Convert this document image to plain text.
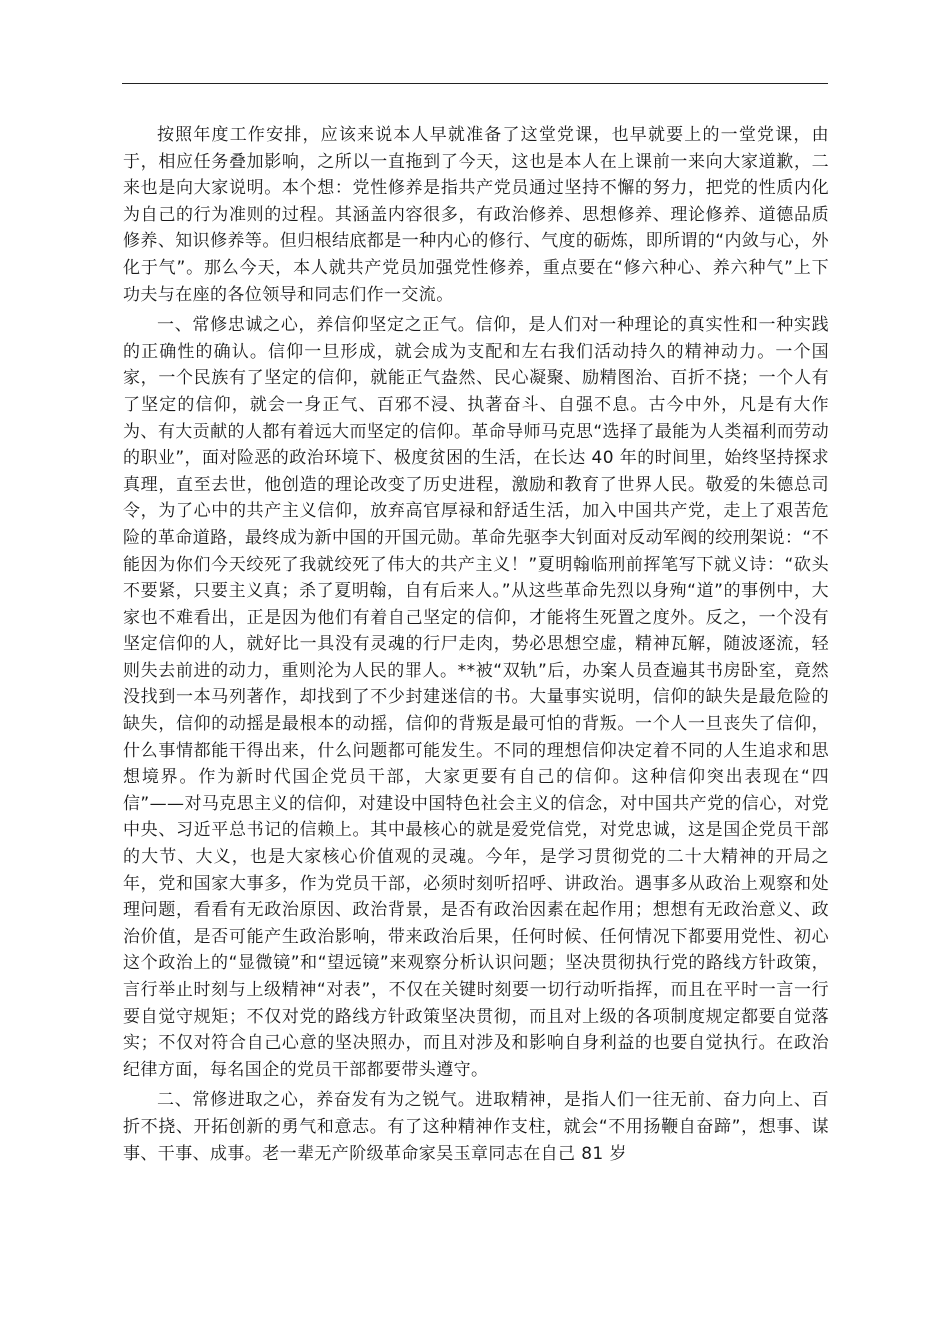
按照年度工作安排，应该来说本人早就准备了这堂党课，也早就要上的一堂党课，由于，相应任务叠加影响，之所以一直拖到了今天，这也是本人在上课前一来向大家道歉，二来也是向大家说明。本个想：党性修养是指共产党员通过坚持不懈的努力，把党的性质内化为自己的行为准则的过程。其涵盖内容很多，有政治修养、思想修养、理论修养、道德品质修养、知识修养等。但归根结底都是一种内心的修行、气度的砺炼，即所谓的“内敛与心，外化于气”。那么今天，本人就共产党员加强党性修养，重点要在“修六种心、养六种气”上下功夫与在座的各位领导和同志们作一交流。

一、常修忠诚之心，养信仰坚定之正气。信仰，是人们对一种理论的真实性和一种实践的正确性的确认。信仰一旦形成，就会成为支配和左右我们活动持久的精神动力。一个国家，一个民族有了坚定的信仰，就能正气盎然、民心凝聚、励精图治、百折不挠；一个人有了坚定的信仰，就会一身正气、百邪不浸、执著奋斗、自强不息。古今中外，凡是有大作为、有大贡献的人都有着远大而坚定的信仰。革命导师马克思“选择了最能为人类福利而劳动的职业”，面对险恶的政治环境下、极度贫困的生活，在长达 40 年的时间里，始终坚持探求真理，直至去世，他创造的理论改变了历史进程，激励和教育了世界人民。敬爱的朱德总司令，为了心中的共产主义信仰，放弃高官厚禄和舒适生活，加入中国共产党，走上了艰苦危险的革命道路，最终成为新中国的开国元勋。革命先驱李大钊面对反动军阀的绞刑架说：“不能因为你们今天绞死了我就绞死了伟大的共产主义！”夏明翰临刑前挥笔写下就义诗：“砍头不要紧，只要主义真；杀了夏明翰，自有后来人。”从这些革命先烈以身殉“道”的事例中，大家也不难看出，正是因为他们有着自己坚定的信仰，才能将生死置之度外。反之，一个没有坚定信仰的人，就好比一具没有灵魂的行尸走肉，势必思想空虚，精神瓦解，随波逐流，轻则失去前进的动力，重则沦为人民的罪人。**被“双轨”后，办案人员查遍其书房卧室，竟然没找到一本马列著作，却找到了不少封建迷信的书。大量事实说明，信仰的缺失是最危险的缺失，信仰的动摇是最根本的动摇，信仰的背叛是最可怕的背叛。一个人一旦丧失了信仰，什么事情都能干得出来，什么问题都可能发生。不同的理想信仰决定着不同的人生追求和思想境界。作为新时代国企党员干部，大家更要有自己的信仰。这种信仰突出表现在“四信”——对马克思主义的信仰，对建设中国特色社会主义的信念，对中国共产党的信心，对党中央、习近平总书记的信赖上。其中最核心的就是爱党信党，对党忠诚，这是国企党员干部的大节、大义，也是大家核心价值观的灵魂。今年，是学习贯彻党的二十大精神的开局之年，党和国家大事多，作为党员干部，必须时刻听招呼、讲政治。遇事多从政治上观察和处理问题，看看有无政治原因、政治背景，是否有政治因素在起作用；想想有无政治意义、政治价值，是否可能产生政治影响，带来政治后果，任何时候、任何情况下都要用党性、初心这个政治上的“显微镜”和“望远镜”来观察分析认识问题；坚决贯彻执行党的路线方针政策，言行举止时刻与上级精神“对表”，不仅在关键时刻要一切行动听指挥，而且在平时一言一行要自觉守规矩；不仅对党的路线方针政策坚决贯彻，而且对上级的各项制度规定都要自觉落实；不仅对符合自己心意的坚决照办，而且对涉及和影响自身利益的也要自觉执行。在政治纪律方面，每名国企的党员干部都要带头遵守。

二、常修进取之心，养奋发有为之锐气。进取精神，是指人们一往无前、奋力向上、百折不挠、开拓创新的勇气和意志。有了这种精神作支柱，就会“不用扬鞭自奋蹄”，想事、谋事、干事、成事。老一辈无产阶级革命家吴玉章同志在自己 81 岁
